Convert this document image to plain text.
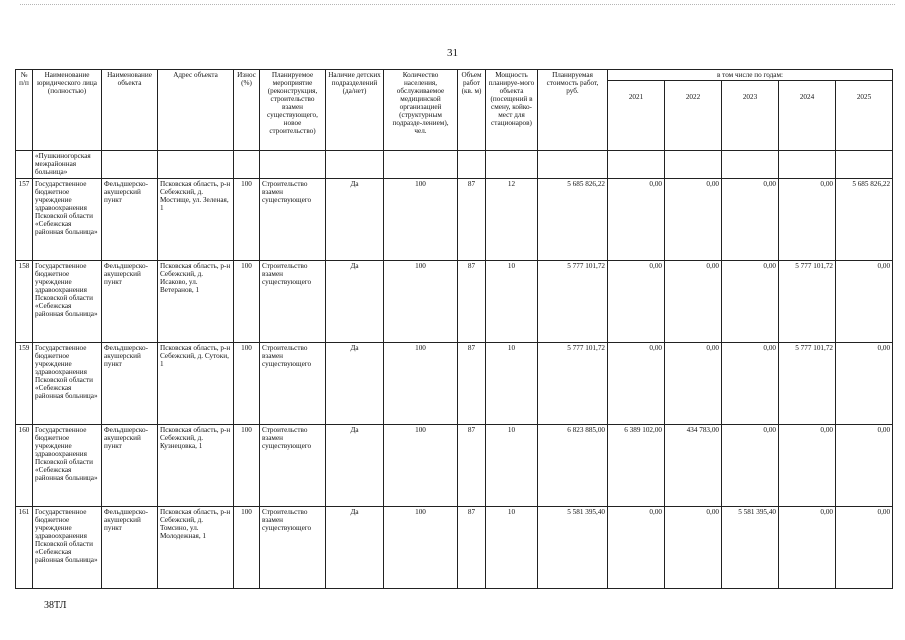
31
№ п/п	Наименование юридического лица (полностью)	Наименование объекта	Адрес объекта	Износ (%)	Планируемое мероприятие (реконструкция, строительство взамен существующего, новое строительство)	Наличие детских подразделений (да/нет)	Количество населения, обслуживаемое медицинской организацией (структурным подразде-лением), чел.	Объем работ (кв. м)	Мощность планируе-мого объекта (посещений в смену, койко-мест для стационаров)	Планируемая стоимость работ, руб.	в том числе по годам:				
											2021	2022	2023	2024	2025
	«Пушкиногорская межрайонная больница»														
157	Государственное бюджетное учреждение здравоохранения Псковской области «Себежская районная больница»	Фельдшерско-акушерский пункт	Псковская область, р-н Себежский, д. Мостище, ул. Зеленая, 1	100	Строительство взамен существующего	Да	100	87	12	5 685 826,22	0,00	0,00	0,00	0,00	5 685 826,22
158	Государственное бюджетное учреждение здравоохранения Псковской области «Себежская районная больница»	Фельдшерско-акушерский пункт	Псковская область, р-н Себежский, д. Исаково, ул. Ветеранов, 1	100	Строительство взамен существующего	Да	100	87	10	5 777 101,72	0,00	0,00	0,00	5 777 101,72	0,00
159	Государственное бюджетное учреждение здравоохранения Псковской области «Себежская районная больница»	Фельдшерско-акушерский пункт	Псковская область, р-н Себежский, д. Сутоки, 1	100	Строительство взамен существующего	Да	100	87	10	5 777 101,72	0,00	0,00	0,00	5 777 101,72	0,00
160	Государственное бюджетное учреждение здравоохранения Псковской области «Себежская районная больница»	Фельдшерско-акушерский пункт	Псковская область, р-н Себежский, д. Кузнецовка, 1	100	Строительство взамен существующего	Да	100	87	10	6 823 885,00	6 389 102,00	434 783,00	0,00	0,00	0,00
161	Государственное бюджетное учреждение здравоохранения Псковской области «Себежская районная больница»	Фельдшерско-акушерский пункт	Псковская область, р-н Себежский, д. Томсино, ул. Молодежная, 1	100	Строительство взамен существующего	Да	100	87	10	5 581 395,40	0,00	0,00	5 581 395,40	0,00	0,00
38ТЛ
